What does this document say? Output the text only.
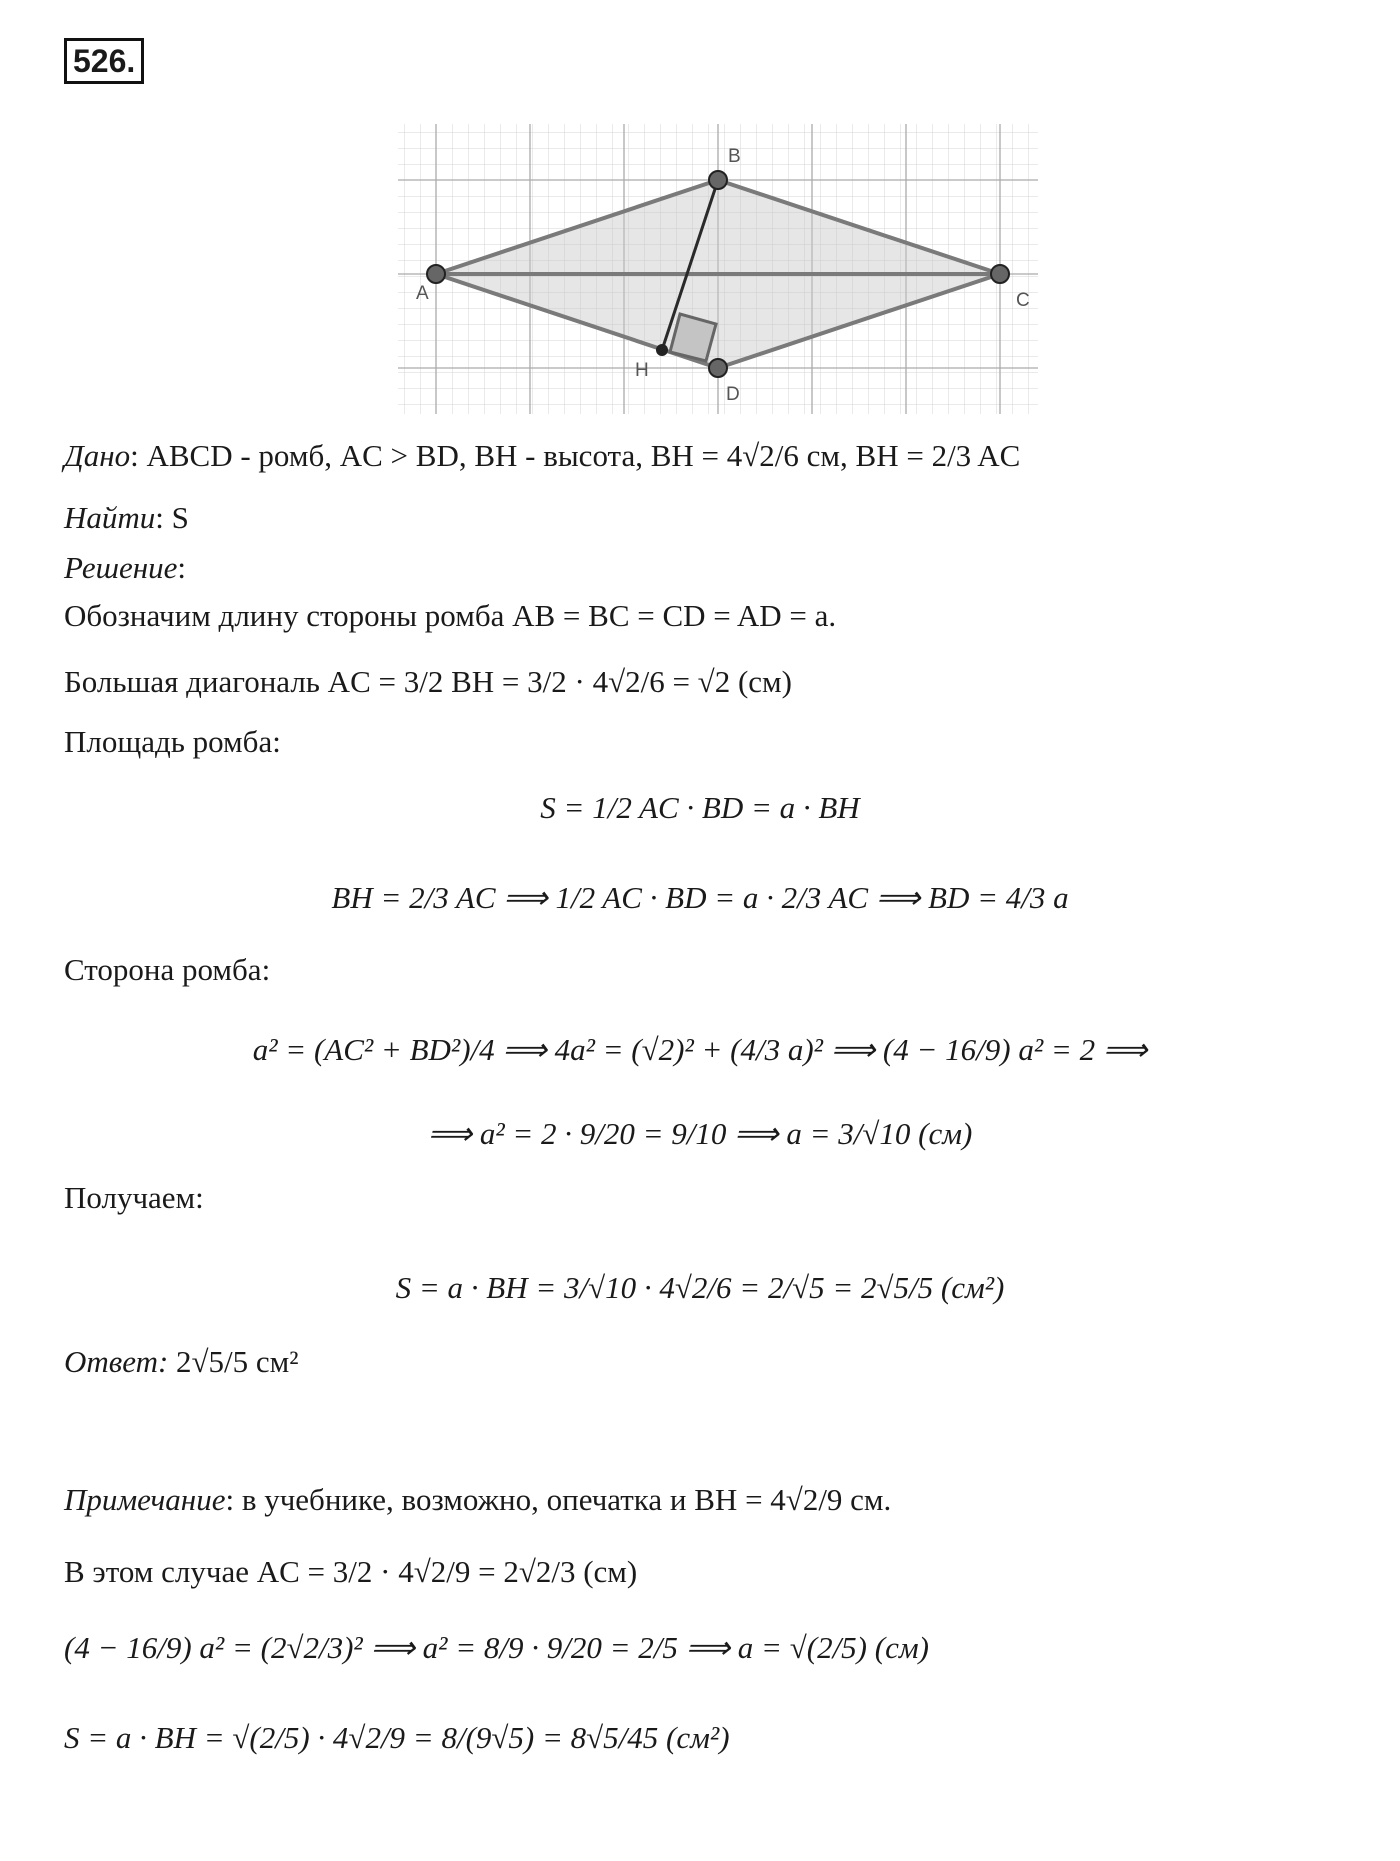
526.
A
B
C
D
H
Дано: ABCD - ромб, AC > BD, BH - высота, BH = 4√2/6 см, BH = 2/3 AC
Найти: S
Решение:
Обозначим длину стороны ромба AB = BC = CD = AD = a.
Большая диагональ AC = 3/2 BH = 3/2 · 4√2/6 = √2 (см)
Площадь ромба:
S = 1/2 AC · BD = a · BH
BH = 2/3 AC ⟹ 1/2 AC · BD = a · 2/3 AC ⟹ BD = 4/3 a
Сторона ромба:
a² = (AC² + BD²)/4 ⟹ 4a² = (√2)² + (4/3 a)² ⟹ (4 − 16/9) a² = 2 ⟹
⟹ a² = 2 · 9/20 = 9/10 ⟹ a = 3/√10 (см)
Получаем:
S = a · BH = 3/√10 · 4√2/6 = 2/√5 = 2√5/5 (см²)
Ответ: 2√5/5 см²
Примечание: в учебнике, возможно, опечатка и BH = 4√2/9 см.
В этом случае AC = 3/2 · 4√2/9 = 2√2/3 (см)
(4 − 16/9) a² = (2√2/3)² ⟹ a² = 8/9 · 9/20 = 2/5 ⟹ a = √(2/5) (см)
S = a · BH = √(2/5) · 4√2/9 = 8/(9√5) = 8√5/45 (см²)
